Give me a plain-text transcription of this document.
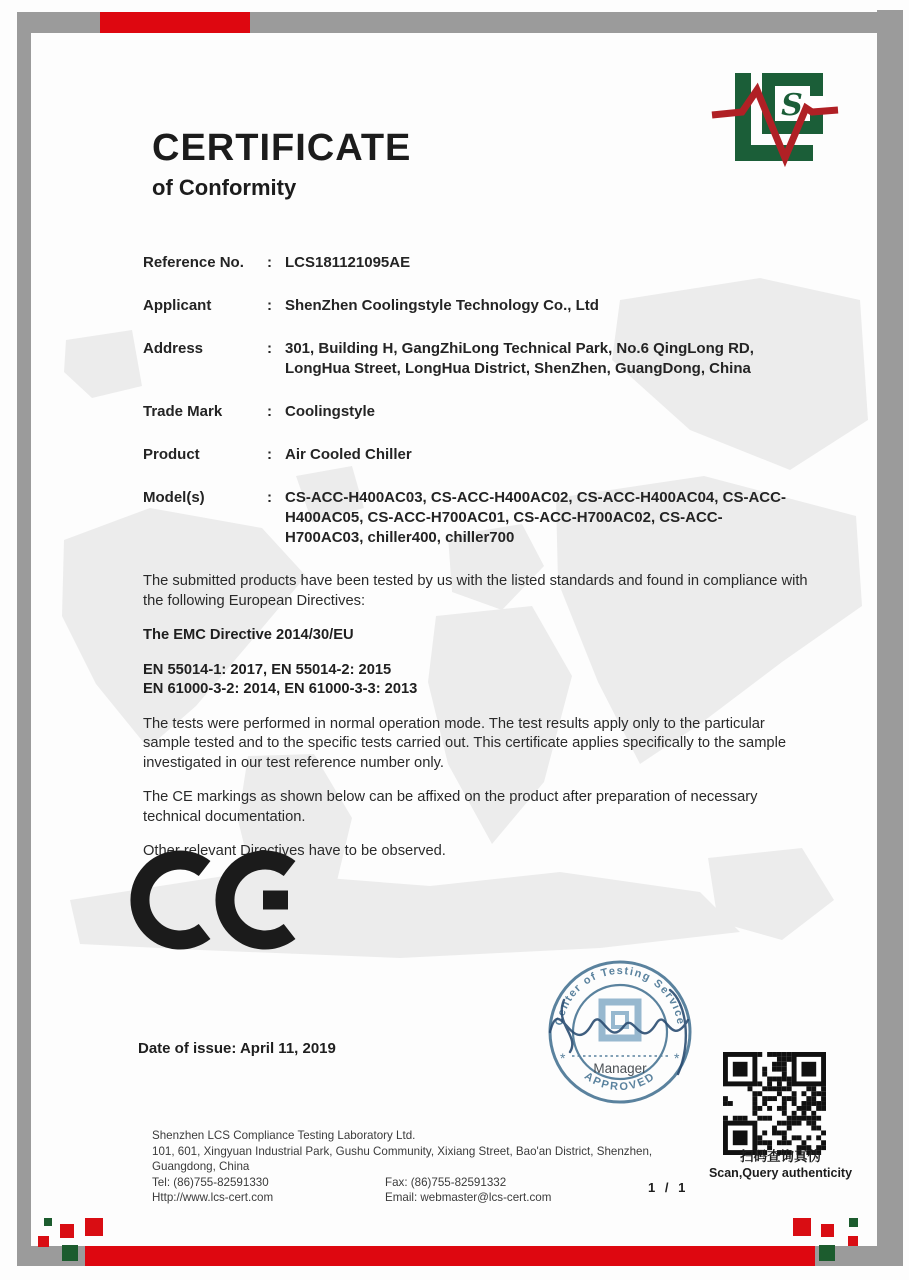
S
CERTIFICATE
of Conformity
Reference No.	: LCS181121095AE
Applicant	: ShenZhen Coolingstyle Technology Co., Ltd
Address	: 301, Building H, GangZhiLong Technical Park, No.6 QingLong RD, LongHua Street, LongHua District, ShenZhen, GuangDong, China
Trade Mark	: Coolingstyle
Product	: Air Cooled Chiller
Model(s)	: CS-ACC-H400AC03, CS-ACC-H400AC02, CS-ACC-H400AC04, CS-ACC-H400AC05, CS-ACC-H700AC01, CS-ACC-H700AC02, CS-ACC-H700AC03, chiller400, chiller700

The submitted products have been tested by us with the listed standards and found in compliance with the following European Directives:

The EMC Directive 2014/30/EU

EN 55014-1: 2017, EN 55014-2: 2015

EN 61000-3-2: 2014, EN 61000-3-3: 2013

The tests were performed in normal operation mode. The test results apply only to the particular sample tested and to the specific tests carried out. This certificate applies specifically to the sample investigated in our test reference number only.

The CE markings as shown below can be affixed on the product after preparation of necessary technical documentation.

Other relevant Directives have to be observed.

Center of Testing Service
APPROVED
*	*
Manager
Date of issue: April 11, 2019
扫码查询真伪
Scan,Query authenticity
Shenzhen LCS Compliance Testing Laboratory Ltd.
101, 601, Xingyuan Industrial Park, Gushu Community, Xixiang Street, Bao'an District, Shenzhen, Guangdong, China
Tel: (86)755-82591330	Fax: (86)755-82591332
Http://www.lcs-cert.com	Email: webmaster@lcs-cert.com
1 / 1
